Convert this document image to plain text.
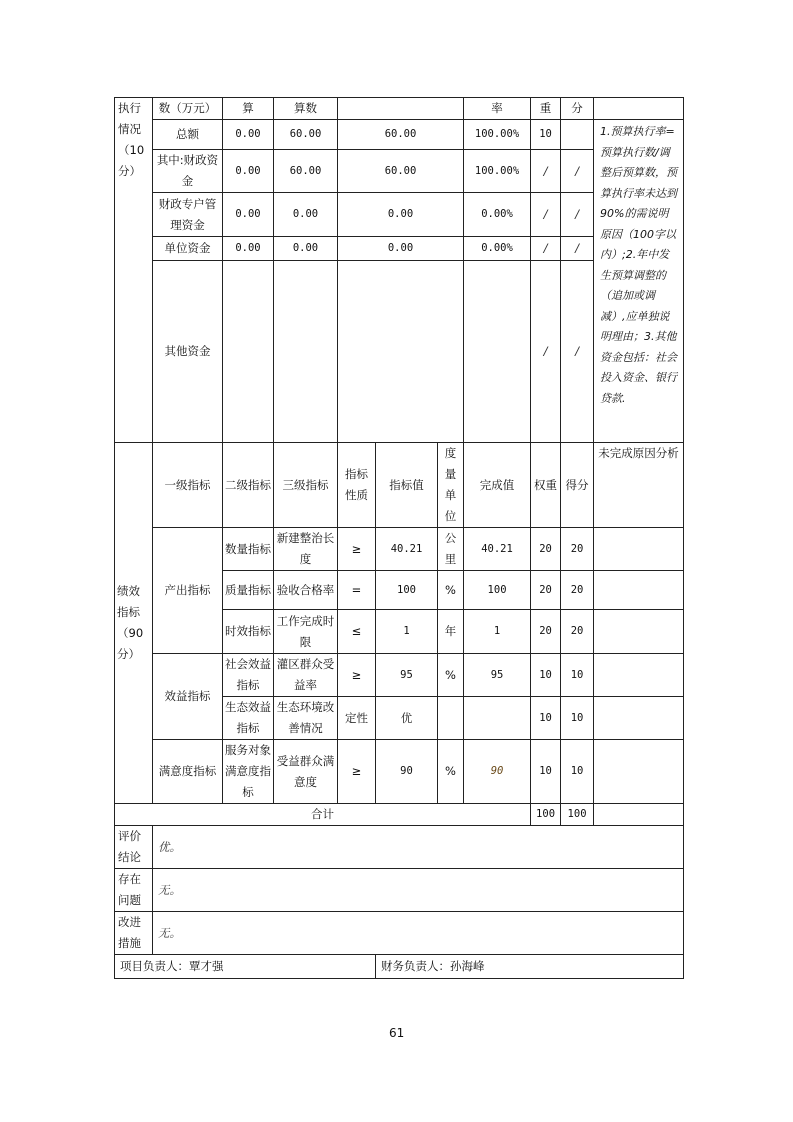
执行情况（10分）	数（万元）	算	算数				率	重	分	
	总额	0.00	60.00	60.00			100.00%	10		1.预算执行率=预算执行数/调整后预算数，预算执行率未达到90%的需说明原因（100字以内）;2.年中发生预算调整的（追加或调减）,应单独说明理由；3.其他资金包括：社会投入资金、银行贷款.
	其中:财政资金	0.00	60.00	60.00			100.00%	/	/	
	财政专户管理资金	0.00	0.00	0.00			0.00%	/	/	
	单位资金	0.00	0.00	0.00			0.00%	/	/	
	其他资金							/	/	
绩效指标（90分）	一级指标	二级指标	三级指标	指标性质	指标值	度量单位	完成值	权重	得分	未完成原因分析
	产出指标	数量指标	新建整治长度	≥	40.21	公里	40.21	20	20	
		质量指标	验收合格率	=	100	%	100	20	20	
		时效指标	工作完成时限	≤	1	年	1	20	20	
	效益指标	社会效益指标	灌区群众受益率	≥	95	%	95	10	10	
		生态效益指标	生态环境改善情况	定性	优			10	10	
	满意度指标	服务对象满意度指标	受益群众满意度	≥	90	%	90	10	10	
合计								100	100	
评价结论	优。									
存在问题	无。									
改进措施	无。									
项目负责人：覃才强					财务负责人：孙海峰					
61
